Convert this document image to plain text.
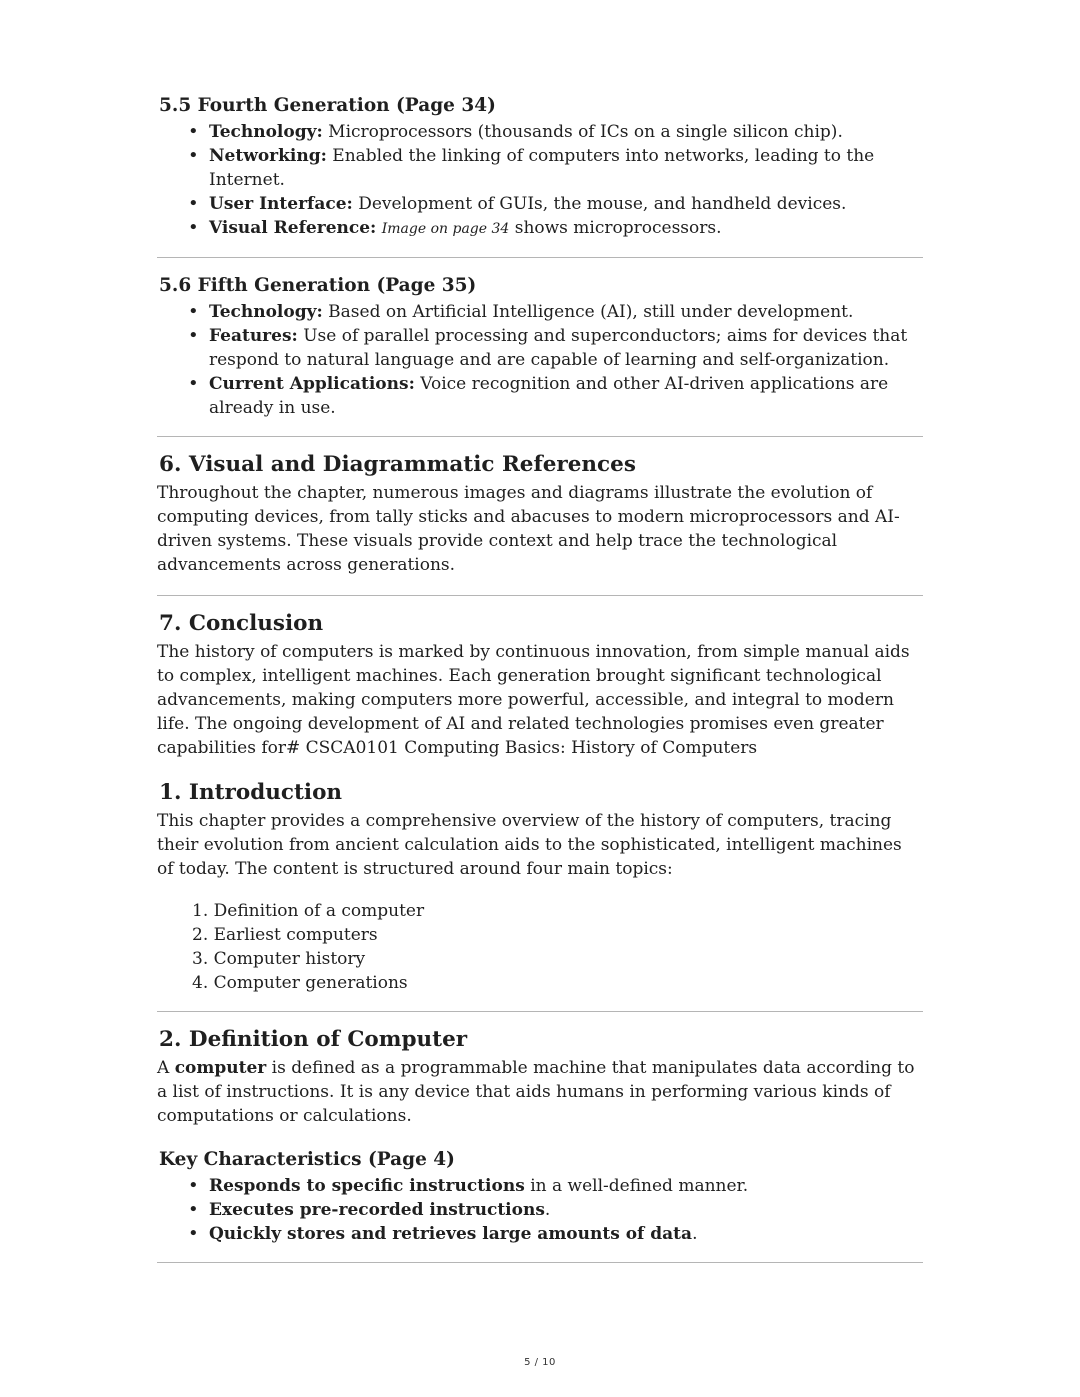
5.5 Fourth Generation (Page 34)
• Technology: Microprocessors (thousands of ICs on a single silicon chip).
• Networking: Enabled the linking of computers into networks, leading to the Internet.
• User Interface: Development of GUIs, the mouse, and handheld devices.
• Visual Reference: Image on page 34 shows microprocessors.
5.6 Fifth Generation (Page 35)
• Technology: Based on Artificial Intelligence (AI), still under development.
• Features: Use of parallel processing and superconductors; aims for devices that respond to natural language and are capable of learning and self-organization.
• Current Applications: Voice recognition and other AI-driven applications are already in use.
6. Visual and Diagrammatic References

Throughout the chapter, numerous images and diagrams illustrate the evolution of computing devices, from tally sticks and abacuses to modern microprocessors and AI-driven systems. These visuals provide context and help trace the technological advancements across generations.

7. Conclusion

The history of computers is marked by continuous innovation, from simple manual aids to complex, intelligent machines. Each generation brought significant technological advancements, making computers more powerful, accessible, and integral to modern life. The ongoing development of AI and related technologies promises even greater capabilities for# CSCA0101 Computing Basics: History of Computers

1. Introduction

This chapter provides a comprehensive overview of the history of computers, tracing their evolution from ancient calculation aids to the sophisticated, intelligent machines of today. The content is structured around four main topics:

1. Definition of a computer
2. Earliest computers
3. Computer history
4. Computer generations
2. Definition of Computer

A computer is defined as a programmable machine that manipulates data according to a list of instructions. It is any device that aids humans in performing various kinds of computations or calculations.

Key Characteristics (Page 4)
• Responds to specific instructions in a well-defined manner.
• Executes pre-recorded instructions.
• Quickly stores and retrieves large amounts of data.
5 / 10
